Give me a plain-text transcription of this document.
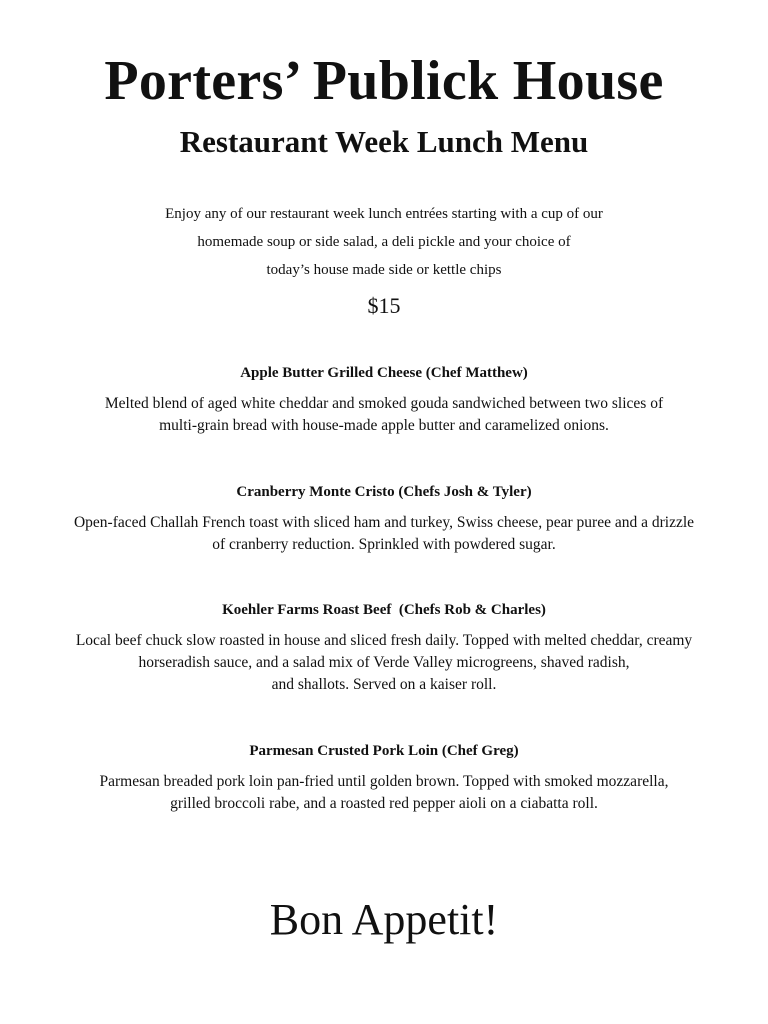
Porters’ Publick House
Restaurant Week Lunch Menu
Enjoy any of our restaurant week lunch entrées starting with a cup of our
homemade soup or side salad, a deli pickle and your choice of
today’s house made side or kettle chips
$15
Apple Butter Grilled Cheese (Chef Matthew)
Melted blend of aged white cheddar and smoked gouda sandwiched between two slices of
multi-grain bread with house-made apple butter and caramelized onions.
Cranberry Monte Cristo (Chefs Josh & Tyler)
Open-faced Challah French toast with sliced ham and turkey, Swiss cheese, pear puree and a drizzle
of cranberry reduction. Sprinkled with powdered sugar.
Koehler Farms Roast Beef  (Chefs Rob & Charles)
Local beef chuck slow roasted in house and sliced fresh daily. Topped with melted cheddar, creamy
horseradish sauce, and a salad mix of Verde Valley microgreens, shaved radish,
and shallots. Served on a kaiser roll.
Parmesan Crusted Pork Loin (Chef Greg)
Parmesan breaded pork loin pan-fried until golden brown. Topped with smoked mozzarella,
grilled broccoli rabe, and a roasted red pepper aioli on a ciabatta roll.
Bon Appetit!
